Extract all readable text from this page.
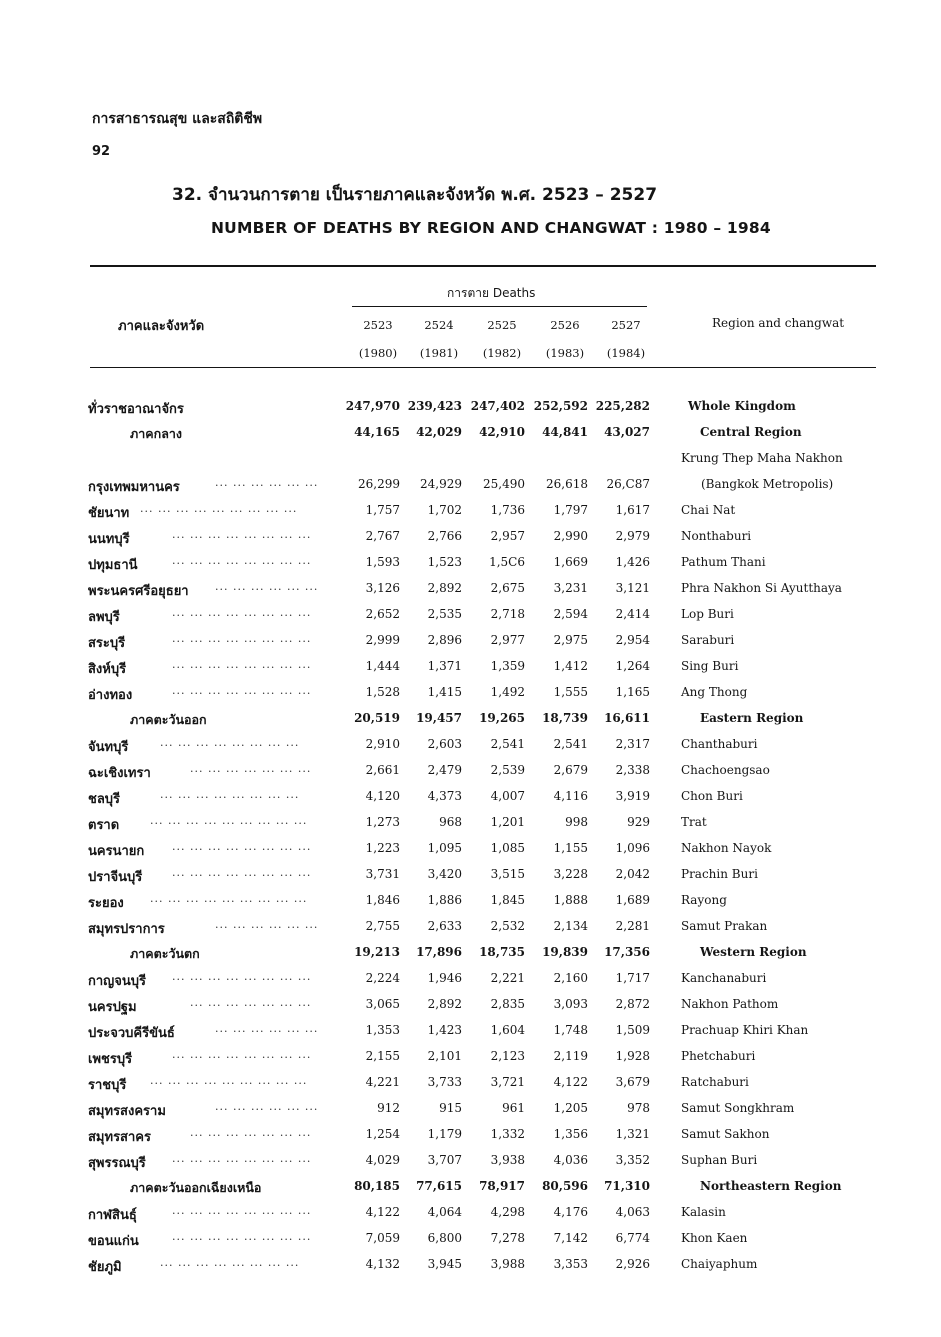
การสาธารณสุข และสถิติชีพ
92
32. จำนวนการตาย เป็นรายภาคและจังหวัด พ.ศ. 2523 – 2527
NUMBER OF DEATHS BY REGION AND CHANGWAT : 1980 – 1984
การตาย Deaths
ภาคและจังหวัด	Region and changwat
2523	2524	2525	2526	2527
(1980)	(1981)	(1982)	(1983)	(1984)
ทั่วราชอาณาจักร	247,970 239,423 247,402 252,592 225,282	Whole Kingdom
ภาคกลาง	44,165	42,029	42,910	44,841	43,027	Central Region
Krung Thep Maha Nakhon
กรุงเทพมหานคร	... ... ... ... ... ...	26,299	24,929	25,490	26,618	26,C87	(Bangkok Metropolis)
ชัยนาท ... ... ... ... ... ... ... ... ...	1,757	1,702	1,736	1,797	1,617	Chai Nat
นนทบุรี	... ... ... ... ... ... ... ...	2,767	2,766	2,957	2,990	2,979	Nonthaburi
ปทุมธานี	... ... ... ... ... ... ... ...	1,593	1,523	1,5C6	1,669	1,426	Pathum Thani
พระนครศรีอยุธยา ... ... ... ... ... ...	3,126	2,892	2,675	3,231	3,121	Phra Nakhon Si Ayutthaya
ลพบุรี	... ... ... ... ... ... ... ...	2,652	2,535	2,718	2,594	2,414	Lop Buri
สระบุรี	... ... ... ... ... ... ... ...	2,999	2,896	2,977	2,975	2,954	Saraburi
สิงห์บุรี	... ... ... ... ... ... ... ...	1,444	1,371	1,359	1,412	1,264	Sing Buri
อ่างทอง	... ... ... ... ... ... ... ...	1,528	1,415	1,492	1,555	1,165	Ang Thong
ภาคตะวันออก	20,519	19,457	19,265	18,739	16,611	Eastern Region
จันทบุรี	... ... ... ... ... ... ... ...	2,910	2,603	2,541	2,541	2,317	Chanthaburi
ฉะเชิงเทรา	... ... ... ... ... ... ...	2,661	2,479	2,539	2,679	2,338	Chachoengsao
ชลบุรี	... ... ... ... ... ... ... ...	4,120	4,373	4,007	4,116	3,919	Chon Buri
ตราด	... ... ... ... ... ... ... ... ...	1,273	968	1,201	998	929	Trat
นครนายก	... ... ... ... ... ... ... ...	1,223	1,095	1,085	1,155	1,096	Nakhon Nayok
ปราจีนบุรี	... ... ... ... ... ... ... ...	3,731	3,420	3,515	3,228	2,042	Prachin Buri
ระยอง ... ... ... ... ... ... ... ... ...	1,846	1,886	1,845	1,888	1,689	Rayong
สมุทรปราการ	... ... ... ... ... ...	2,755	2,633	2,532	2,134	2,281	Samut Prakan
ภาคตะวันตก	19,213	17,896	18,735	19,839	17,356	Western Region
กาญจนบุรี ... ... ... ... ... ... ... ...	2,224	1,946	2,221	2,160	1,717	Kanchanaburi
นครปฐม	... ... ... ... ... ... ...	3,065	2,892	2,835	3,093	2,872	Nakhon Pathom
ประจวบคีรีขันธ์	... ... ... ... ... ...	1,353	1,423	1,604	1,748	1,509	Prachuap Khiri Khan
เพชรบุรี	... ... ... ... ... ... ... ...	2,155	2,101	2,123	2,119	1,928	Phetchaburi
ราชบุรี ... ... ... ... ... ... ... ... ...	4,221	3,733	3,721	4,122	3,679	Ratchaburi
สมุทรสงคราม	... ... ... ... ... ...	912	915	961	1,205	978	Samut Songkhram
สมุทรสาคร	... ... ... ... ... ... ...	1,254	1,179	1,332	1,356	1,321	Samut Sakhon
สุพรรณบุรี ... ... ... ... ... ... ... ...	4,029	3,707	3,938	4,036	3,352	Suphan Buri
ภาคตะวันออกเฉียงเหนือ	80,185	77,615	78,917	80,596	71,310	Northeastern Region
กาฬสินธุ์	... ... ... ... ... ... ... ...	4,122	4,064	4,298	4,176	4,063	Kalasin
ขอนแก่น	... ... ... ... ... ... ... ...	7,059	6,800	7,278	7,142	6,774	Khon Kaen
ชัยภูมิ	... ... ... ... ... ... ... ...	4,132	3,945	3,988	3,353	2,926	Chaiyaphum
